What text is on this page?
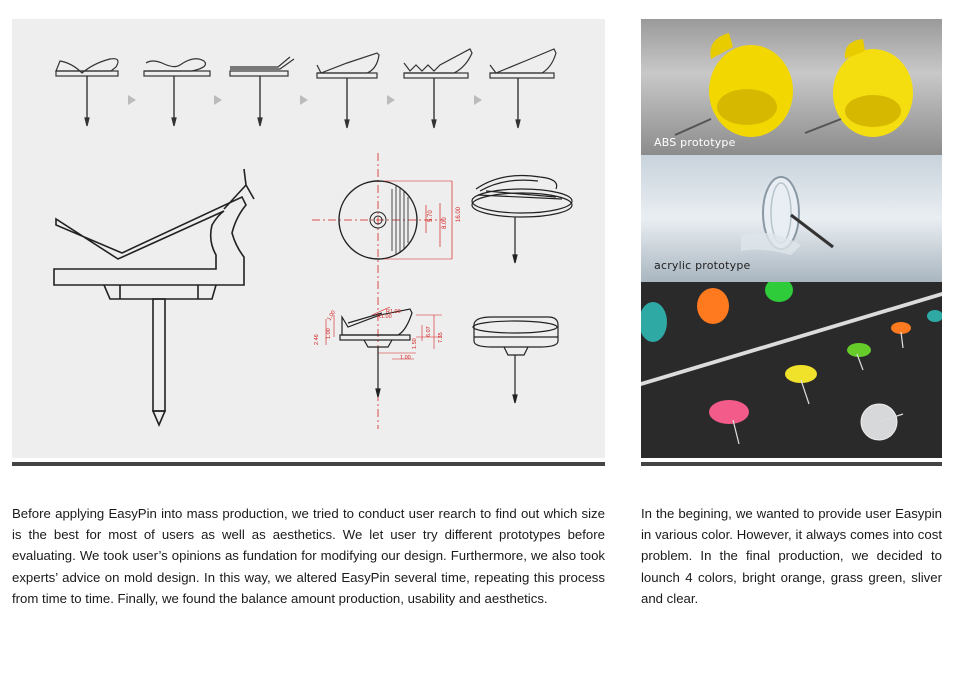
16.00
8.00
5.70
R1.00
R1.00
1.00
2.46
1.00	6.07
7.35
1.00
1.50
ABS prototype
acrylic prototype

Before applying EasyPin into mass production, we tried to conduct user rearch to find out which size is the best for most of users as well as aesthetics. We let user try different prototypes before evaluating. We took user’s opinions as fundation for modifying our design. Furthermore, we also took experts’ advice on mold design. In this way, we altered EasyPin several time, repeating this process from time to time. Finally, we found the balance amount production, usability and aesthetics.

In the begining, we wanted to provide user Easypin in various color. However, it always comes into cost problem. In the final production, we decided to lounch 4 colors, bright orange, grass green, sliver and clear.
